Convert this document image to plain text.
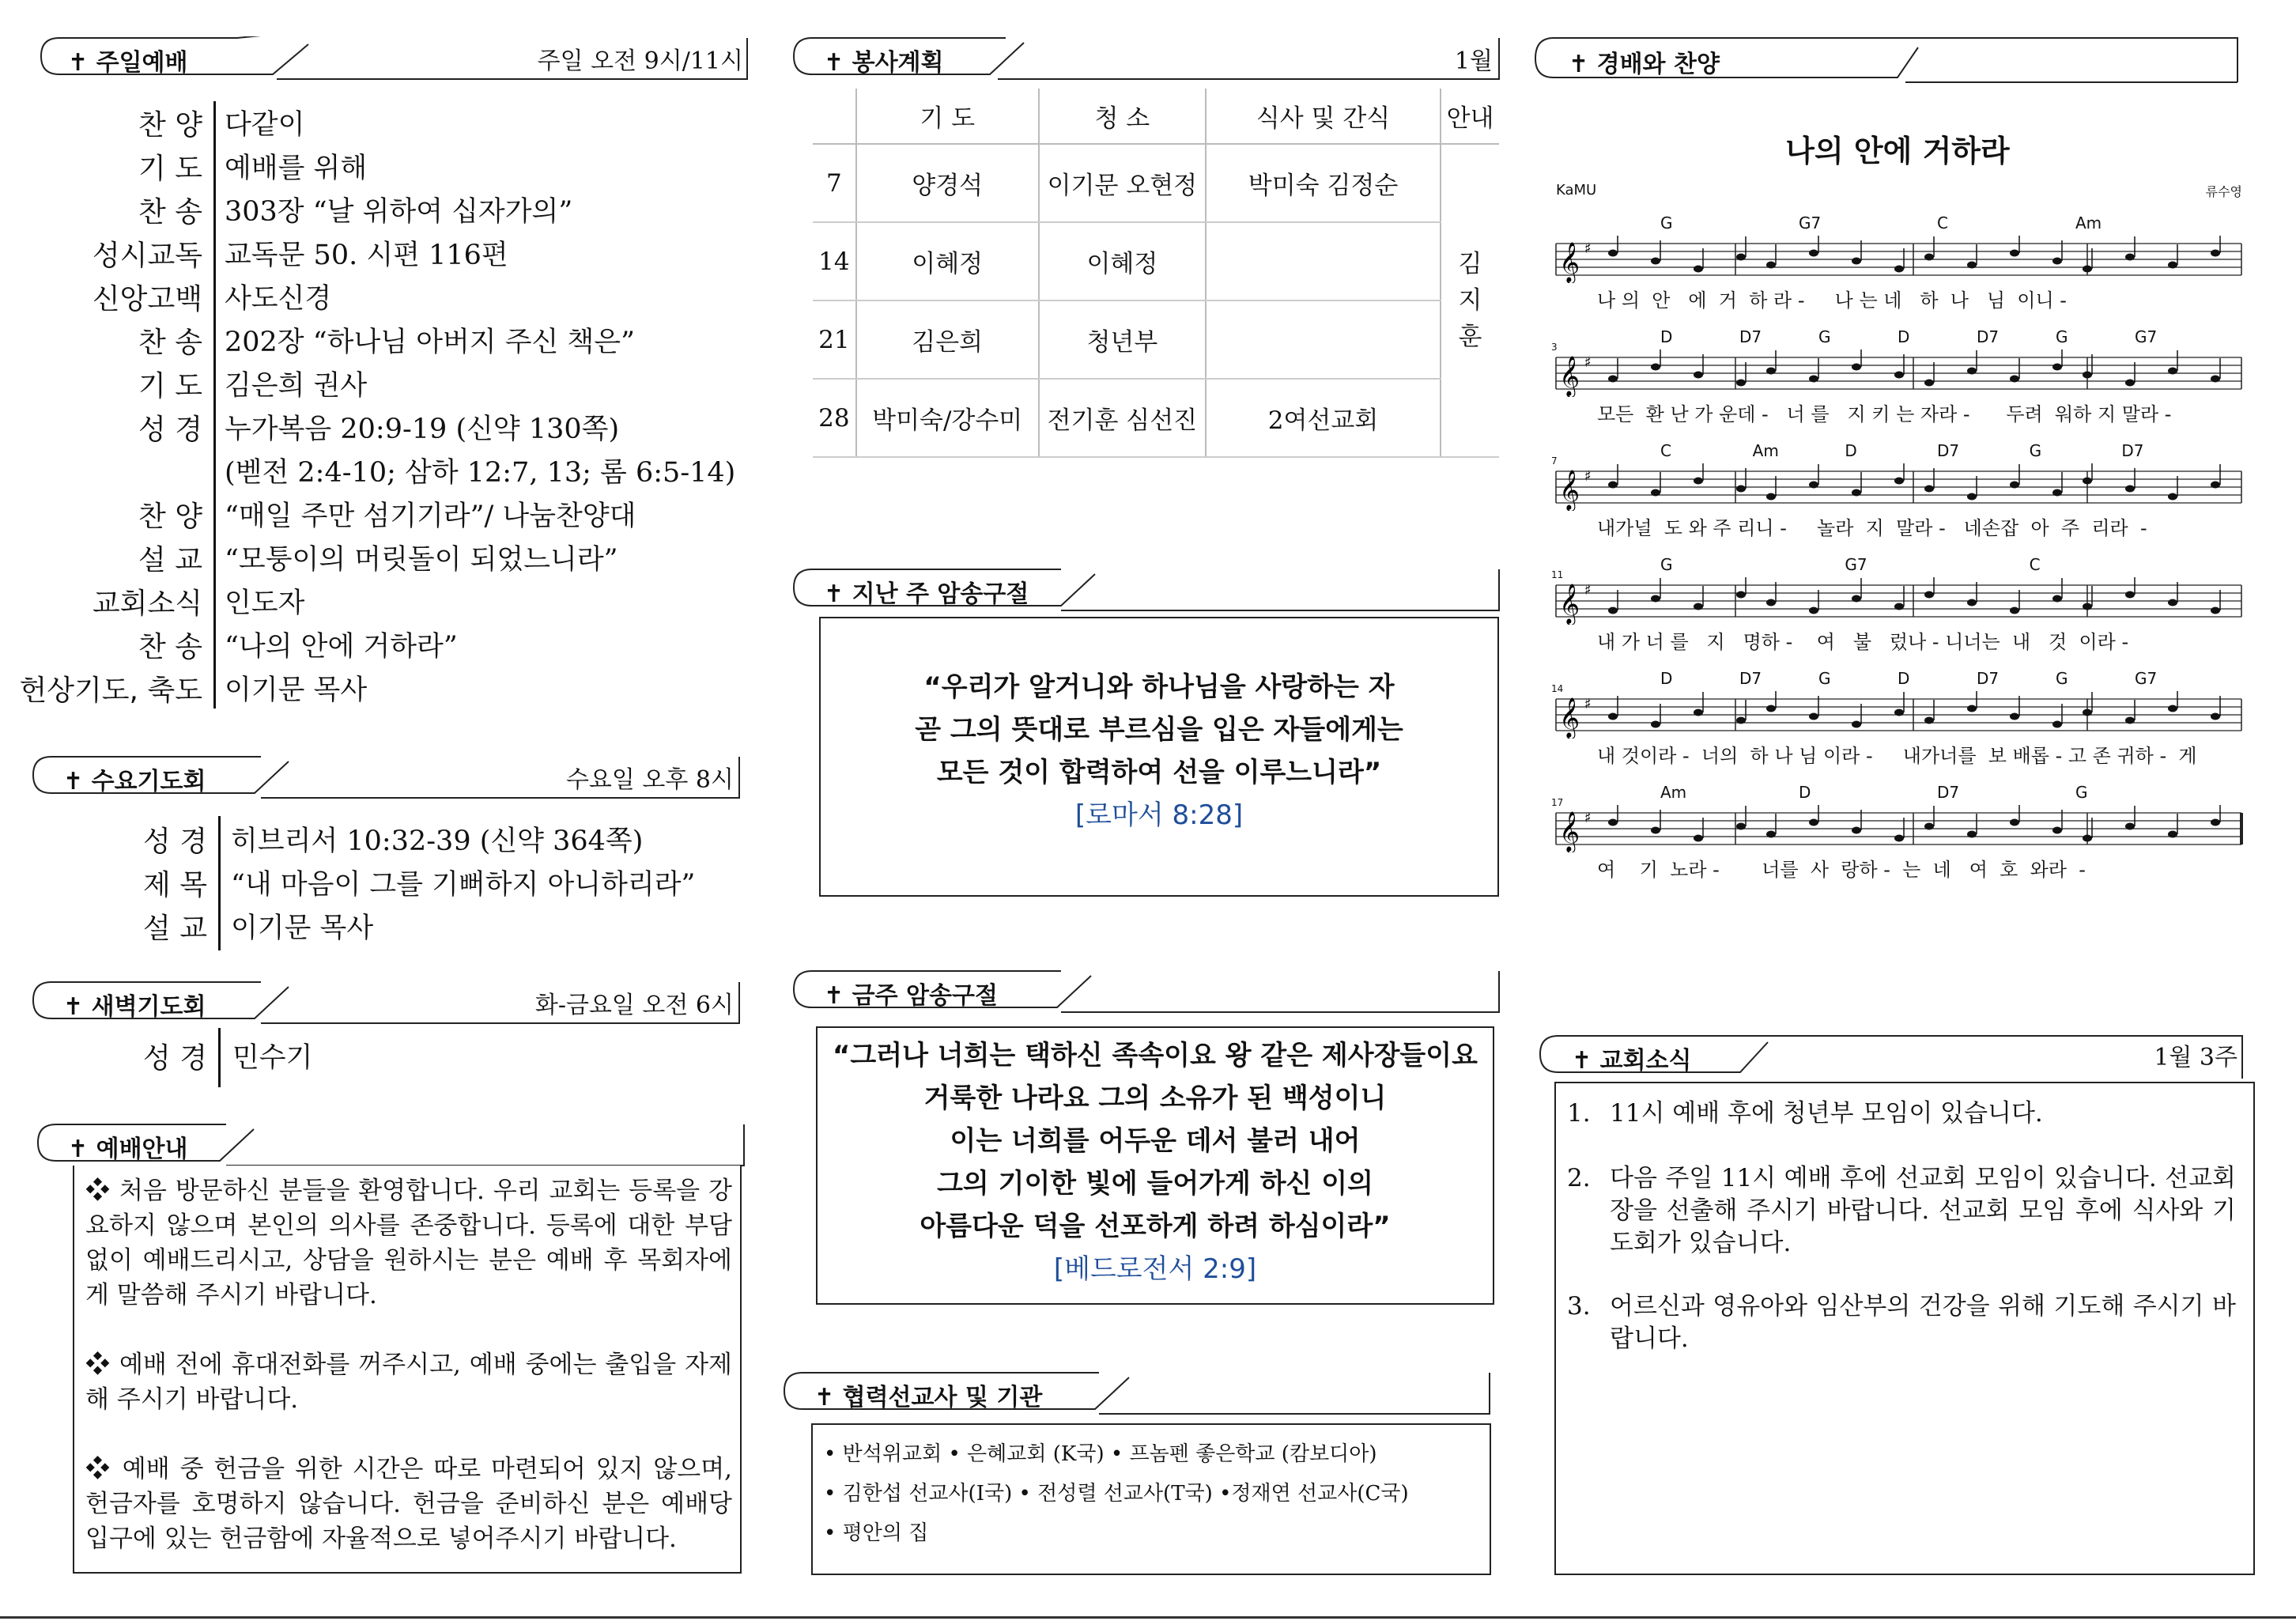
✝ 주일예배	주일 오전 9시/11시
찬 양 다같이
기 도 예배를 위해
찬 송 303장 “날 위하여 십자가의”
성시교독 교독문 50. 시편 116편
신앙고백 사도신경
찬 송 202장 “하나님 아버지 주신 책은”
기 도 김은희 권사
성 경 누가복음 20:9-19 (신약 130쪽)
(벧전 2:4-10; 삼하 12:7, 13; 롬 6:5-14)
찬 양 “매일 주만 섬기기라”/ 나눔찬양대
설 교 “모퉁이의 머릿돌이 되었느니라”
교회소식 인도자
찬 송 “나의 안에 거하라”
헌상기도, 축도 이기문 목사
✝ 수요기도회	수요일 오후 8시
성 경 히브리서 10:32-39 (신약 364쪽)
제 목 “내 마음이 그를 기뻐하지 아니하리라”
설 교 이기문 목사
✝ 새벽기도회	화-금요일 오전 6시
성 경 민수기
✝ 예배안내

❖ 처음 방문하신 분들을 환영합니다. 우리 교회는 등록을 강요하지 않으며 본인의 의사를 존중합니다. 등록에 대한 부담 없이 예배드리시고, 상담을 원하시는 분은 예배 후 목회자에게 말씀해 주시기 바랍니다.

❖ 예배 전에 휴대전화를 꺼주시고, 예배 중에는 출입을 자제해 주시기 바랍니다.

❖ 예배 중 헌금을 위한 시간은 따로 마련되어 있지 않으며, 헌금자를 호명하지 않습니다. 헌금을 준비하신 분은 예배당 입구에 있는 헌금함에 자율적으로 넣어주시기 바랍니다.

✝ 봉사계획	1월
	기 도	청 소	식사 및 간식	안내
7	양경석	이기문 오현정	박미숙 김정순	김
지
훈

14	이혜정	이혜정		
21	김은희	청년부		
28	박미숙/강수미	전기훈 심선진	2여선교회	
✝ 지난 주 암송구절
“우리가 알거니와 하나님을 사랑하는 자
곧 그의 뜻대로 부르심을 입은 자들에게는
모든 것이 합력하여 선을 이루느니라”
[로마서 8:28]
✝ 금주 암송구절
“그러나 너희는 택하신 족속이요 왕 같은 제사장들이요
거룩한 나라요 그의 소유가 된 백성이니
이는 너희를 어두운 데서 불러 내어
그의 기이한 빛에 들어가게 하신 이의
아름다운 덕을 선포하게 하려 하심이라”
[베드로전서 2:9]
✝ 협력선교사 및 기관
• 반석위교회 • 은혜교회 (K국) • 프놈펜 좋은학교 (캄보디아)
• 김한섭 선교사(I국) • 전성렬 선교사(T국) •정재연 선교사(C국)
• 평안의 집
✝ 경배와 찬양
나의 안에 거하라
KaMU	류수영
G	G7	C	Am
𝄞 ♯
나 의  안   에  거  하 라 -     나 는 네   하  나   님  이니 -
3
D	D7	G	D	D7	G	G7
𝄞 ♯
모든  환 난 가 운데 -   너 를   지 키 는 자라 -      두려  워하 지 말라 -
7
C	Am	D	D7	G	D7
𝄞 ♯
내가널  도 와 주 리니 -     놀라  지  말라 -   네손잡  아  주  리라  -
11
G	G7	C
𝄞 ♯
내 가 너 를   지   명하 -    여   불   렀나 - 니너는  내   것  이라 -
14
D	D7	G	D	D7	G	G7
𝄞 ♯
내 것이라 -  너의  하 나 님 이라 -     내가너를  보 배롭 - 고 존 귀하 -  게
17
Am	D	D7	G
𝄞 ♯
여    기  노라 -       너를  사  랑하 -  는  네   여  호  와라  -
✝ 교회소식	1월 3주
1. 11시 예배 후에 청년부 모임이 있습니다.
2. 다음 주일 11시 예배 후에 선교회 모임이 있습니다. 선교회장을 선출해 주시기 바랍니다. 선교회 모임 후에 식사와 기도회가 있습니다.
3. 어르신과 영유아와 임산부의 건강을 위해 기도해 주시기 바랍니다.
